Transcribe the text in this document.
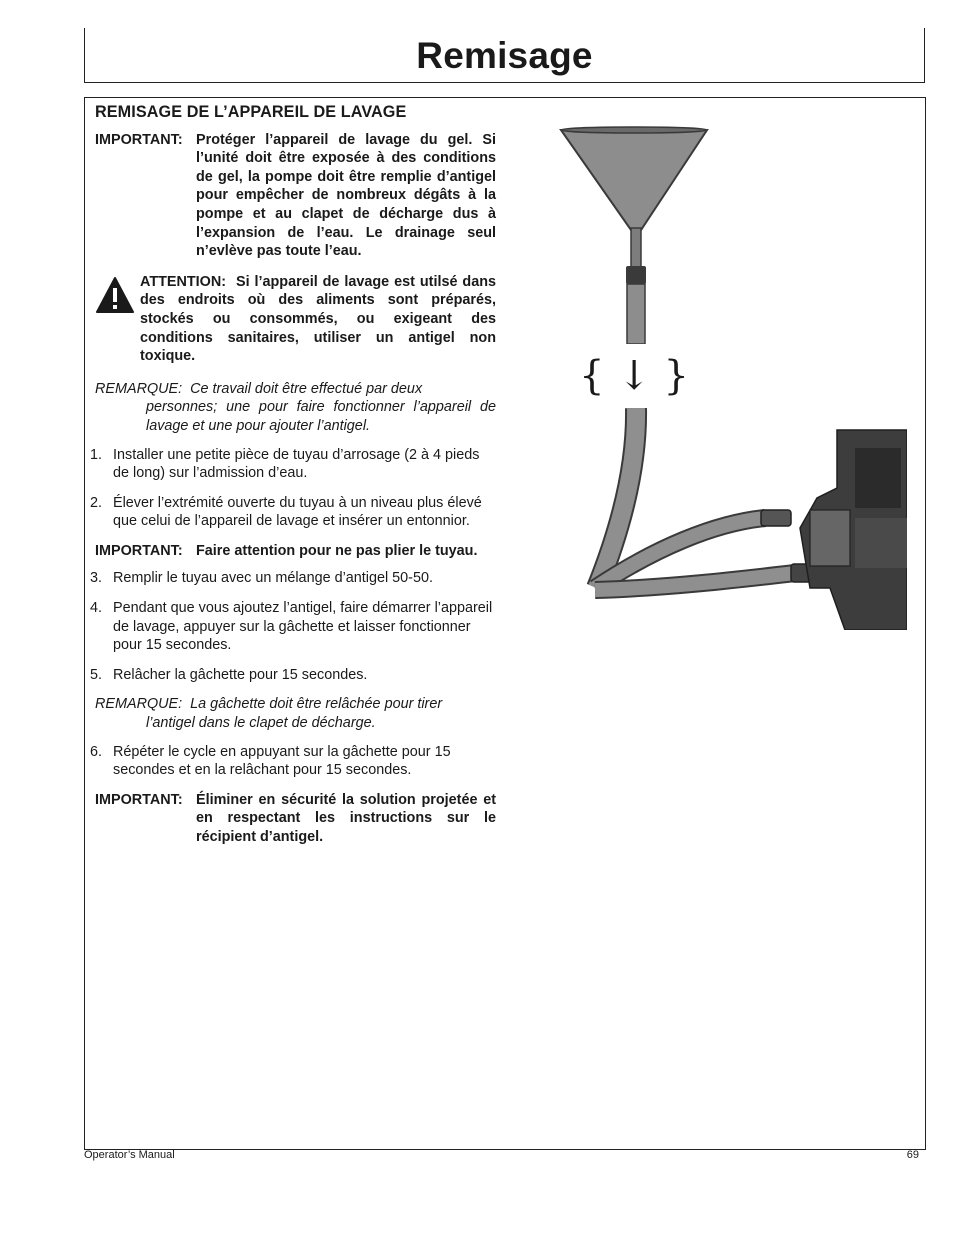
Remisage
REMISAGE DE L’APPAREIL DE LAVAGE
IMPORTANT: Protéger l’appareil de lavage du gel. Si l’unité doit être exposée à des conditions de gel, la pompe doit être remplie d’antigel pour empêcher de nombreux dégâts à la pompe et au clapet de décharge dus à l’expansion de l’eau. Le drainage seul n’evlève pas toute l’eau.
ATTENTION: Si l’appareil de lavage est utilsé dans des endroits où des aliments sont préparés, stockés ou consommés, ou exigeant des conditions sanitaires, utiliser un antigel non toxique.
REMARQUE: Ce travail doit être effectué par deux
personnes; une pour faire fonctionner l’appareil de lavage et une pour ajouter l’antigel.
1. Installer une petite pièce de tuyau d’arrosage (2 à 4 pieds de long) sur l’admission d’eau.
2. Élever l’extrémité ouverte du tuyau à un niveau plus élevé que celui de l’appareil de lavage et insérer un entonnior.
IMPORTANT: Faire attention pour ne pas plier le tuyau.
3. Remplir le tuyau avec un mélange d’antigel 50-50.
4. Pendant que vous ajoutez l’antigel, faire démarrer l’appareil de lavage, appuyer sur la gâchette et laisser fonctionner pour 15 secondes.
5. Relâcher la gâchette pour 15 secondes.
REMARQUE: La gâchette doit être relâchée pour tirer
l’antigel dans le clapet de décharge.
6. Répéter le cycle en appuyant sur la gâchette pour 15 secondes et en la relâchant pour 15 secondes.
IMPORTANT: Éliminer en sécurité la solution projetée et en respectant les instructions sur le récipient d’antigel.
{ ↓ }
Operator’s Manual	69
